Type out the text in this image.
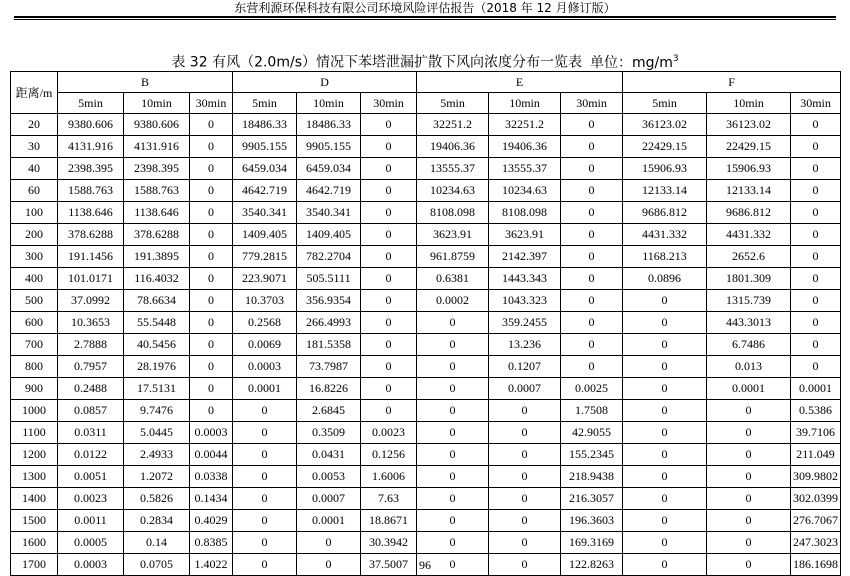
东营利源环保科技有限公司环境风险评估报告（2018 年 12 月修订版）
表 32 有风（2.0m/s）情况下苯塔泄漏扩散下风向浓度分布一览表 单位：$mg/m^3$
距离/m	B			D			E			F		
	5min	10min	30min	5min	10min	30min	5min	10min	30min	5min	10min	30min
20	9380.606	9380.606	0	18486.33	18486.33	0	32251.2	32251.2	0	36123.02	36123.02	0
30	4131.916	4131.916	0	9905.155	9905.155	0	19406.36	19406.36	0	22429.15	22429.15	0
40	2398.395	2398.395	0	6459.034	6459.034	0	13555.37	13555.37	0	15906.93	15906.93	0
60	1588.763	1588.763	0	4642.719	4642.719	0	10234.63	10234.63	0	12133.14	12133.14	0
100	1138.646	1138.646	0	3540.341	3540.341	0	8108.098	8108.098	0	9686.812	9686.812	0
200	378.6288	378.6288	0	1409.405	1409.405	0	3623.91	3623.91	0	4431.332	4431.332	0
300	191.1456	191.3895	0	779.2815	782.2704	0	961.8759	2142.397	0	1168.213	2652.6	0
400	101.0171	116.4032	0	223.9071	505.5111	0	0.6381	1443.343	0	0.0896	1801.309	0
500	37.0992	78.6634	0	10.3703	356.9354	0	0.0002	1043.323	0	0	1315.739	0
600	10.3653	55.5448	0	0.2568	266.4993	0	0	359.2455	0	0	443.3013	0
700	2.7888	40.5456	0	0.0069	181.5358	0	0	13.236	0	0	6.7486	0
800	0.7957	28.1976	0	0.0003	73.7987	0	0	0.1207	0	0	0.013	0
900	0.2488	17.5131	0	0.0001	16.8226	0	0	0.0007	0.0025	0	0.0001	0.0001
1000	0.0857	9.7476	0	0	2.6845	0	0	0	1.7508	0	0	0.5386
1100	0.0311	5.0445	0.0003	0	0.3509	0.0023	0	0	42.9055	0	0	39.7106
1200	0.0122	2.4933	0.0044	0	0.0431	0.1256	0	0	155.2345	0	0	211.049
1300	0.0051	1.2072	0.0338	0	0.0053	1.6006	0	0	218.9438	0	0	309.9802
1400	0.0023	0.5826	0.1434	0	0.0007	7.63	0	0	216.3057	0	0	302.0399
1500	0.0011	0.2834	0.4029	0	0.0001	18.8671	0	0	196.3603	0	0	276.7067
1600	0.0005	0.14	0.8385	0	0	30.3942	0	0	169.3169	0	0	247.3023
1700	0.0003	0.0705	1.4022	0	0	37.5007	0	0	122.8263	0	0	186.1698
96
